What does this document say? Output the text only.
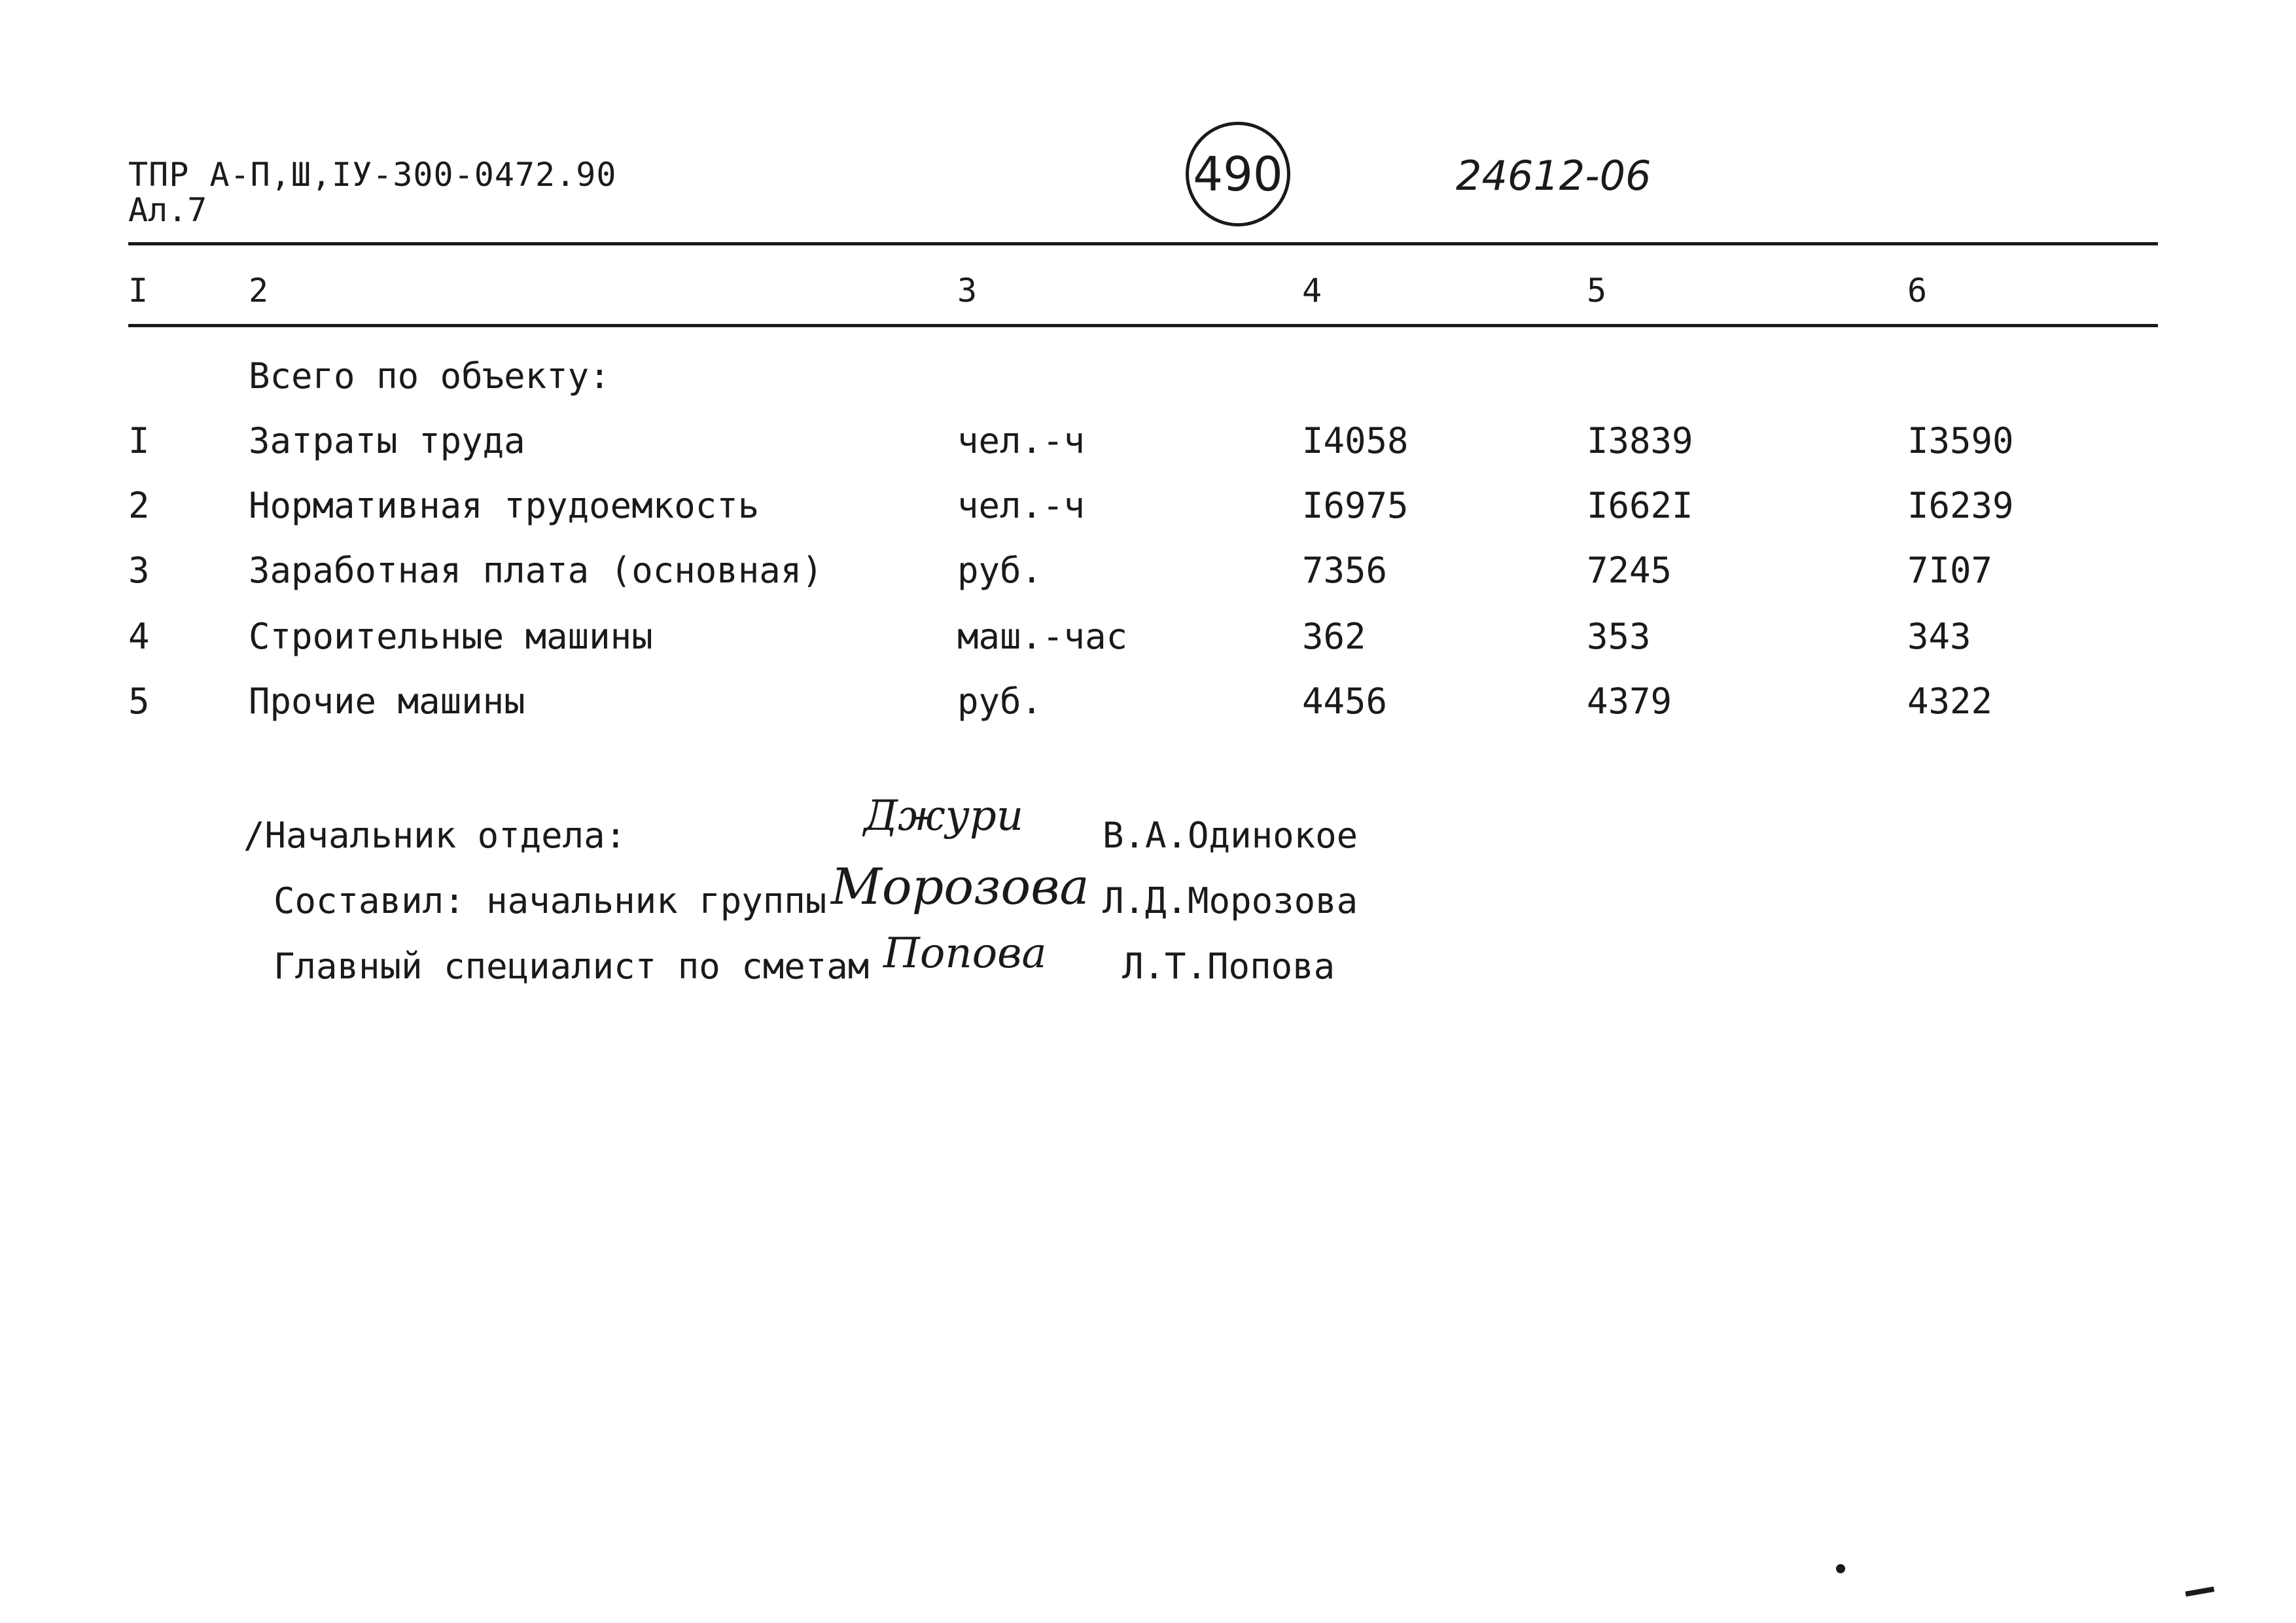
ТПР А-П,Ш,IУ-300-0472.90
Ал.7
490	24612-06
I	2	3	4	5	6
Всего по объекту:
I	Затраты труда	чел.-ч	I4058	I3839	I3590
2	Нормативная трудоемкость	чел.-ч	I6975	I662I	I6239
3	Заработная плата (основная)	руб.	7356	7245	7I07
4	Строительные машины	маш.-час	362	353	343
5	Прочие машины	руб.	4456	4379	4322
/Начальник отдела:	Джури В.А.Одинокое
Составил: начальник группы Морозова Л.Д.Морозова
Главный специалист по сметам Попова Л.Т.Попова
